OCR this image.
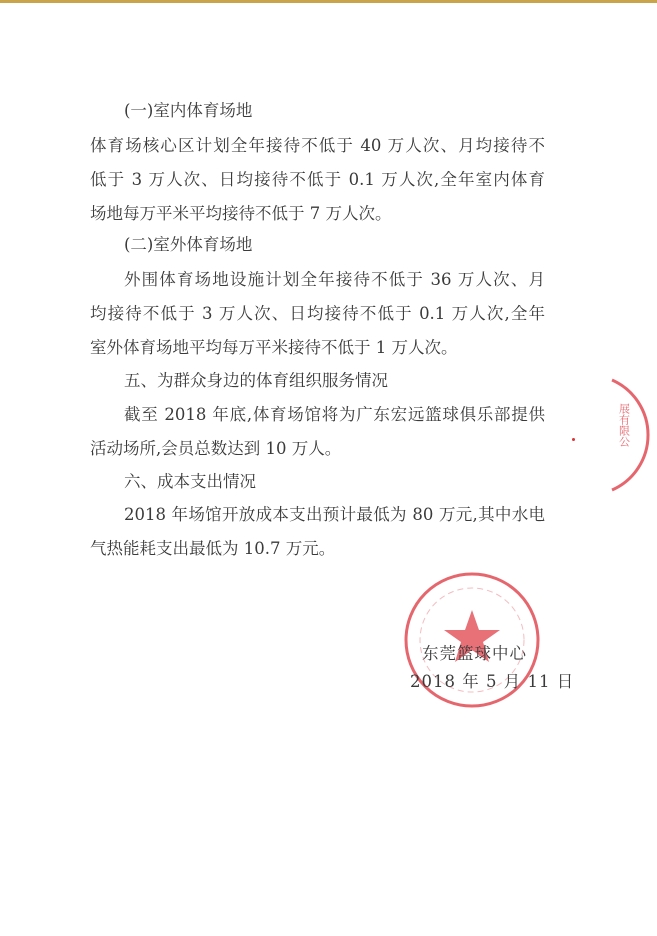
(一)室内体育场地
体育场核心区计划全年接待不低于 40 万人次、月均接待不
低于 3 万人次、日均接待不低于 0.1 万人次,全年室内体育
场地每万平米平均接待不低于 7 万人次。
(二)室外体育场地
外围体育场地设施计划全年接待不低于 36 万人次、月
均接待不低于 3 万人次、日均接待不低于 0.1 万人次,全年
室外体育场地平均每万平米接待不低于 1 万人次。
五、为群众身边的体育组织服务情况
截至 2018 年底,体育场馆将为广东宏远篮球俱乐部提供
活动场所,会员总数达到 10 万人。
六、成本支出情况
2018 年场馆开放成本支出预计最低为 80 万元,其中水电
气热能耗支出最低为 10.7 万元。
展有限公
东莞篮球中心
2018 年 5 月 11 日
